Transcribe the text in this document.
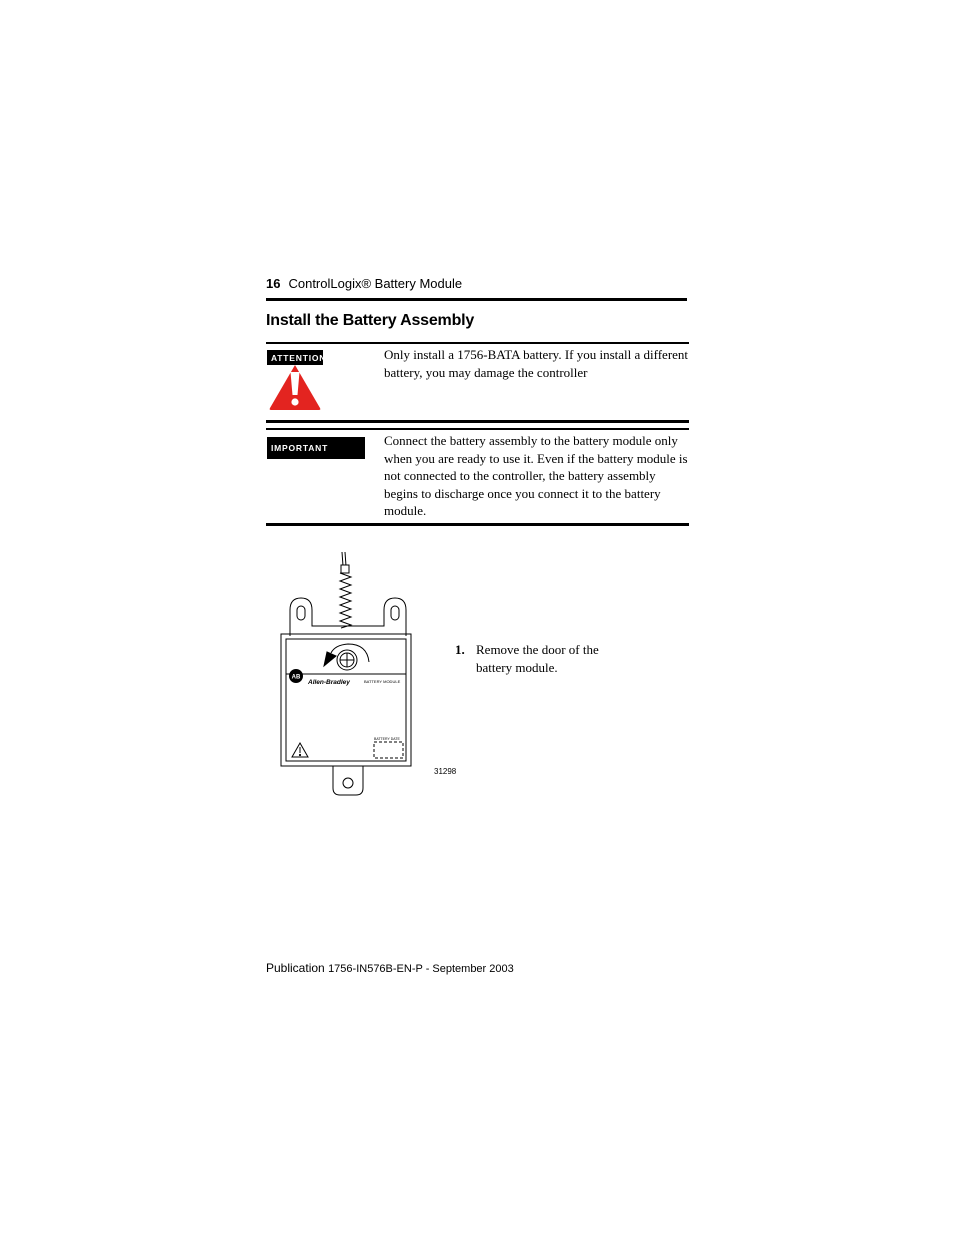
16 ControlLogix® Battery Module
Install the Battery Assembly
ATTENTION	Only install a 1756-BATA battery. If you install a different battery, you may damage the controller
IMPORTANT	Connect the battery assembly to the battery module only when you are ready to use it. Even if the battery module is not connected to the controller, the battery assembly begins to discharge once you connect it to the battery module.
AB
Allen-Bradley	BATTERY MODULE
BATTERY DATE
31298
1. Remove the door of the battery module.
Publication 1756-IN576B-EN-P - September 2003
